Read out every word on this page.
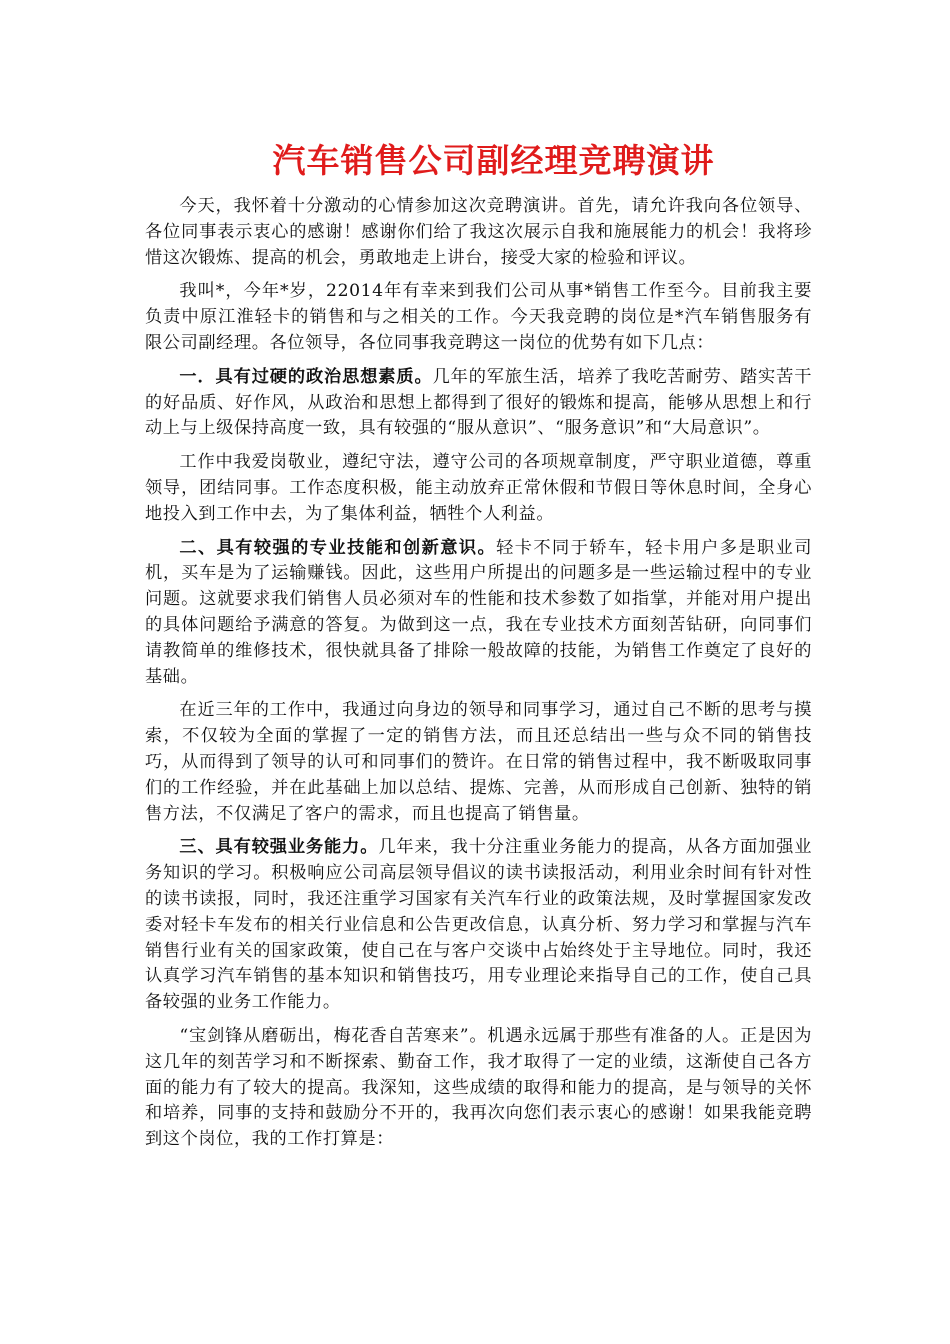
汽车销售公司副经理竞聘演讲

今天，我怀着十分激动的心情参加这次竞聘演讲。首先，请允许我向各位领导、各位同事表示衷心的感谢！感谢你们给了我这次展示自我和施展能力的机会！我将珍惜这次锻炼、提高的机会，勇敢地走上讲台，接受大家的检验和评议。

我叫*，今年*岁，22014年有幸来到我们公司从事*销售工作至今。目前我主要负责中原江淮轻卡的销售和与之相关的工作。今天我竞聘的岗位是*汽车销售服务有限公司副经理。各位领导，各位同事我竞聘这一岗位的优势有如下几点：

一．具有过硬的政治思想素质。几年的军旅生活，培养了我吃苦耐劳、踏实苦干的好品质、好作风，从政治和思想上都得到了很好的锻炼和提高，能够从思想上和行动上与上级保持高度一致，具有较强的“服从意识”、“服务意识”和“大局意识”。

工作中我爱岗敬业，遵纪守法，遵守公司的各项规章制度，严守职业道德，尊重领导，团结同事。工作态度积极，能主动放弃正常休假和节假日等休息时间，全身心地投入到工作中去，为了集体利益，牺牲个人利益。

二、具有较强的专业技能和创新意识。轻卡不同于轿车，轻卡用户多是职业司机，买车是为了运输赚钱。因此，这些用户所提出的问题多是一些运输过程中的专业问题。这就要求我们销售人员必须对车的性能和技术参数了如指掌，并能对用户提出的具体问题给予满意的答复。为做到这一点，我在专业技术方面刻苦钻研，向同事们请教简单的维修技术，很快就具备了排除一般故障的技能，为销售工作奠定了良好的基础。

在近三年的工作中，我通过向身边的领导和同事学习，通过自己不断的思考与摸索，不仅较为全面的掌握了一定的销售方法，而且还总结出一些与众不同的销售技巧，从而得到了领导的认可和同事们的赞许。在日常的销售过程中，我不断吸取同事们的工作经验，并在此基础上加以总结、提炼、完善，从而形成自己创新、独特的销售方法，不仅满足了客户的需求，而且也提高了销售量。

三、具有较强业务能力。几年来，我十分注重业务能力的提高，从各方面加强业务知识的学习。积极响应公司高层领导倡议的读书读报活动，利用业余时间有针对性的读书读报，同时，我还注重学习国家有关汽车行业的政策法规，及时掌握国家发改委对轻卡车发布的相关行业信息和公告更改信息，认真分析、努力学习和掌握与汽车销售行业有关的国家政策，使自己在与客户交谈中占始终处于主导地位。同时，我还认真学习汽车销售的基本知识和销售技巧，用专业理论来指导自己的工作，使自己具备较强的业务工作能力。

“宝剑锋从磨砺出，梅花香自苦寒来”。机遇永远属于那些有准备的人。正是因为这几年的刻苦学习和不断探索、勤奋工作，我才取得了一定的业绩，这渐使自己各方面的能力有了较大的提高。我深知，这些成绩的取得和能力的提高，是与领导的关怀和培养，同事的支持和鼓励分不开的，我再次向您们表示衷心的感谢！如果我能竞聘到这个岗位，我的工作打算是：
